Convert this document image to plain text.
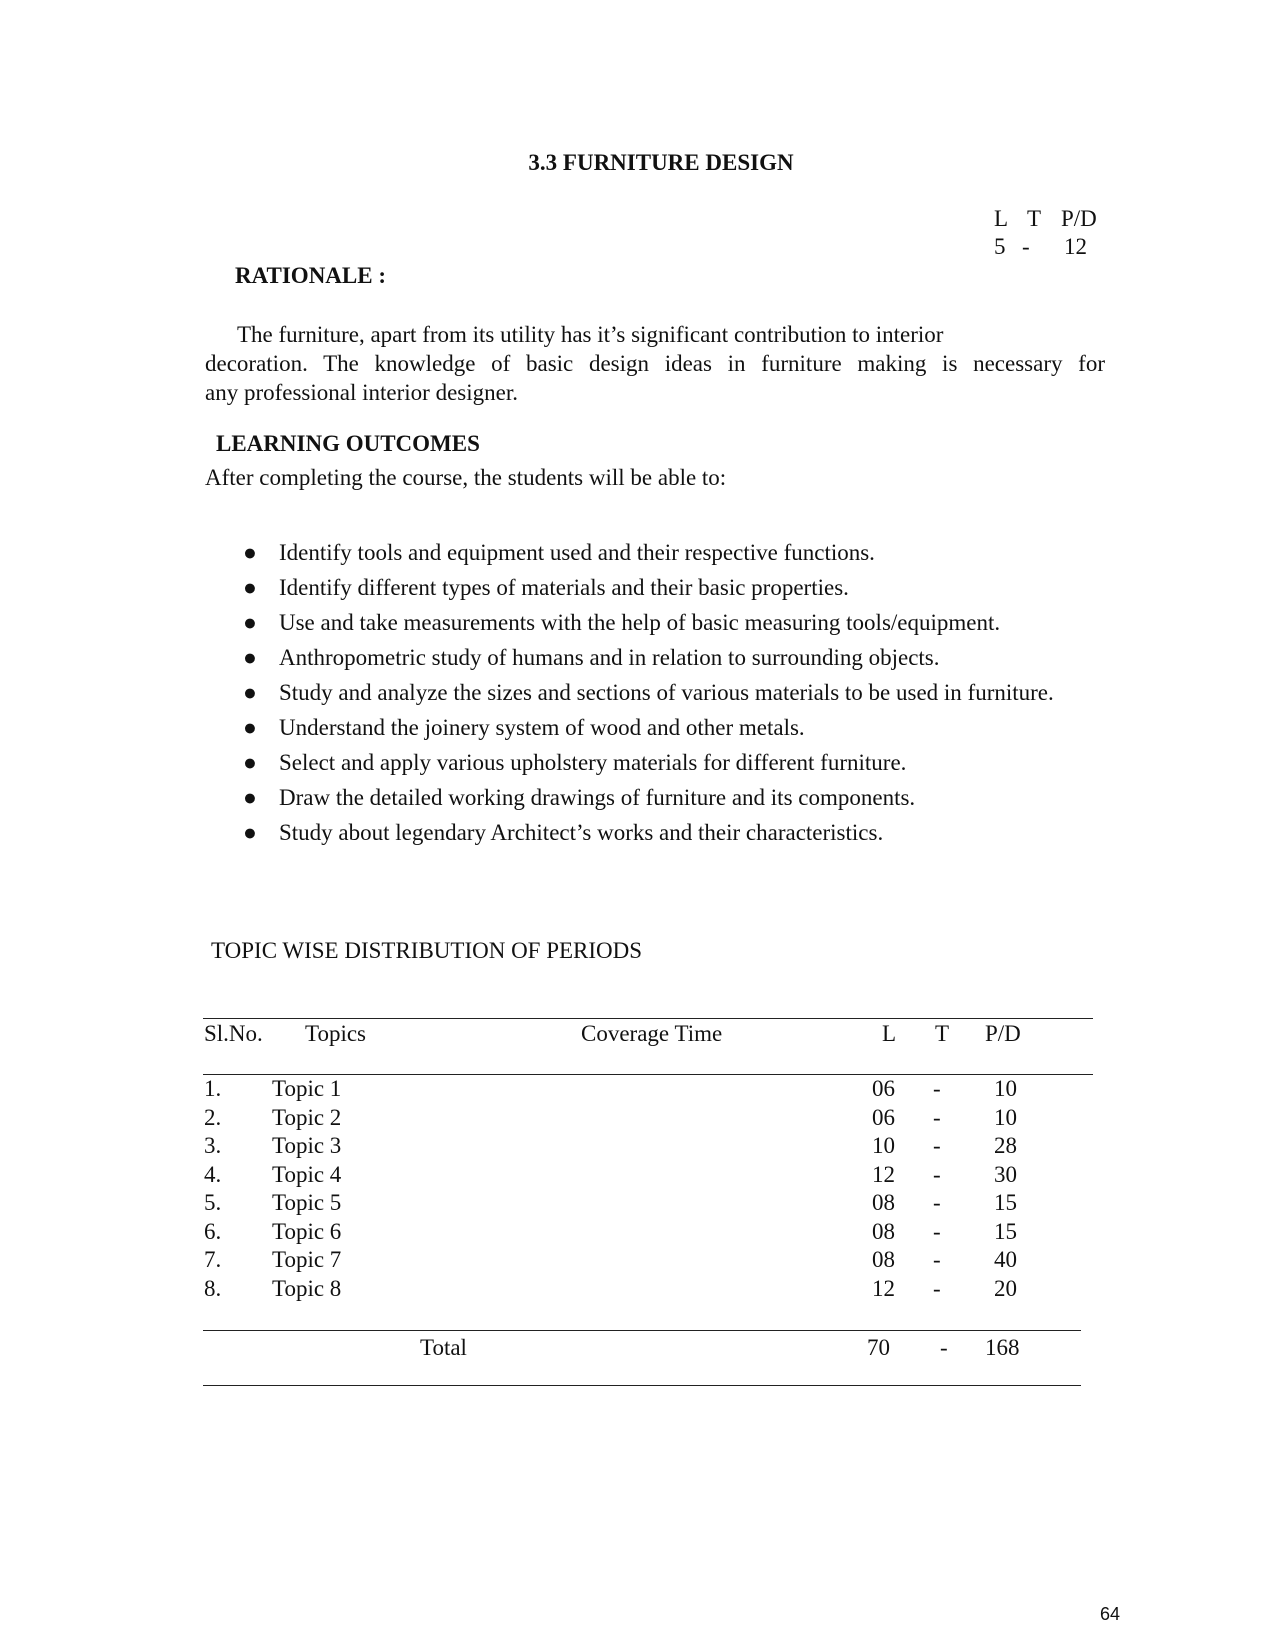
3.3 FURNITURE DESIGN
L T P/D
5 - 12
RATIONALE :
The furniture, apart from its utility has it’s significant contribution to interior
decoration. The knowledge of basic design ideas in furniture making is necessary for
any professional interior designer.
LEARNING OUTCOMES
After completing the course, the students will be able to:
● Identify tools and equipment used and their respective functions.
● Identify different types of materials and their basic properties.
● Use and take measurements with the help of basic measuring tools/equipment.
● Anthropometric study of humans and in relation to surrounding objects.
● Study and analyze the sizes and sections of various materials to be used in furniture.
● Understand the joinery system of wood and other metals.
● Select and apply various upholstery materials for different furniture.
● Draw the detailed working drawings of furniture and its components.
● Study about legendary Architect’s works and their characteristics.
TOPIC WISE DISTRIBUTION OF PERIODS
Sl.No. Topics	Coverage Time	L T P/D
1. Topic 1	06 - 10
2. Topic 2	06 - 10
3. Topic 3	10 - 28
4. Topic 4	12 - 30
5. Topic 5	08 - 15
6. Topic 6	08 - 15
7. Topic 7	08 - 40
8. Topic 8	12 - 20
Total	70 - 168
64
